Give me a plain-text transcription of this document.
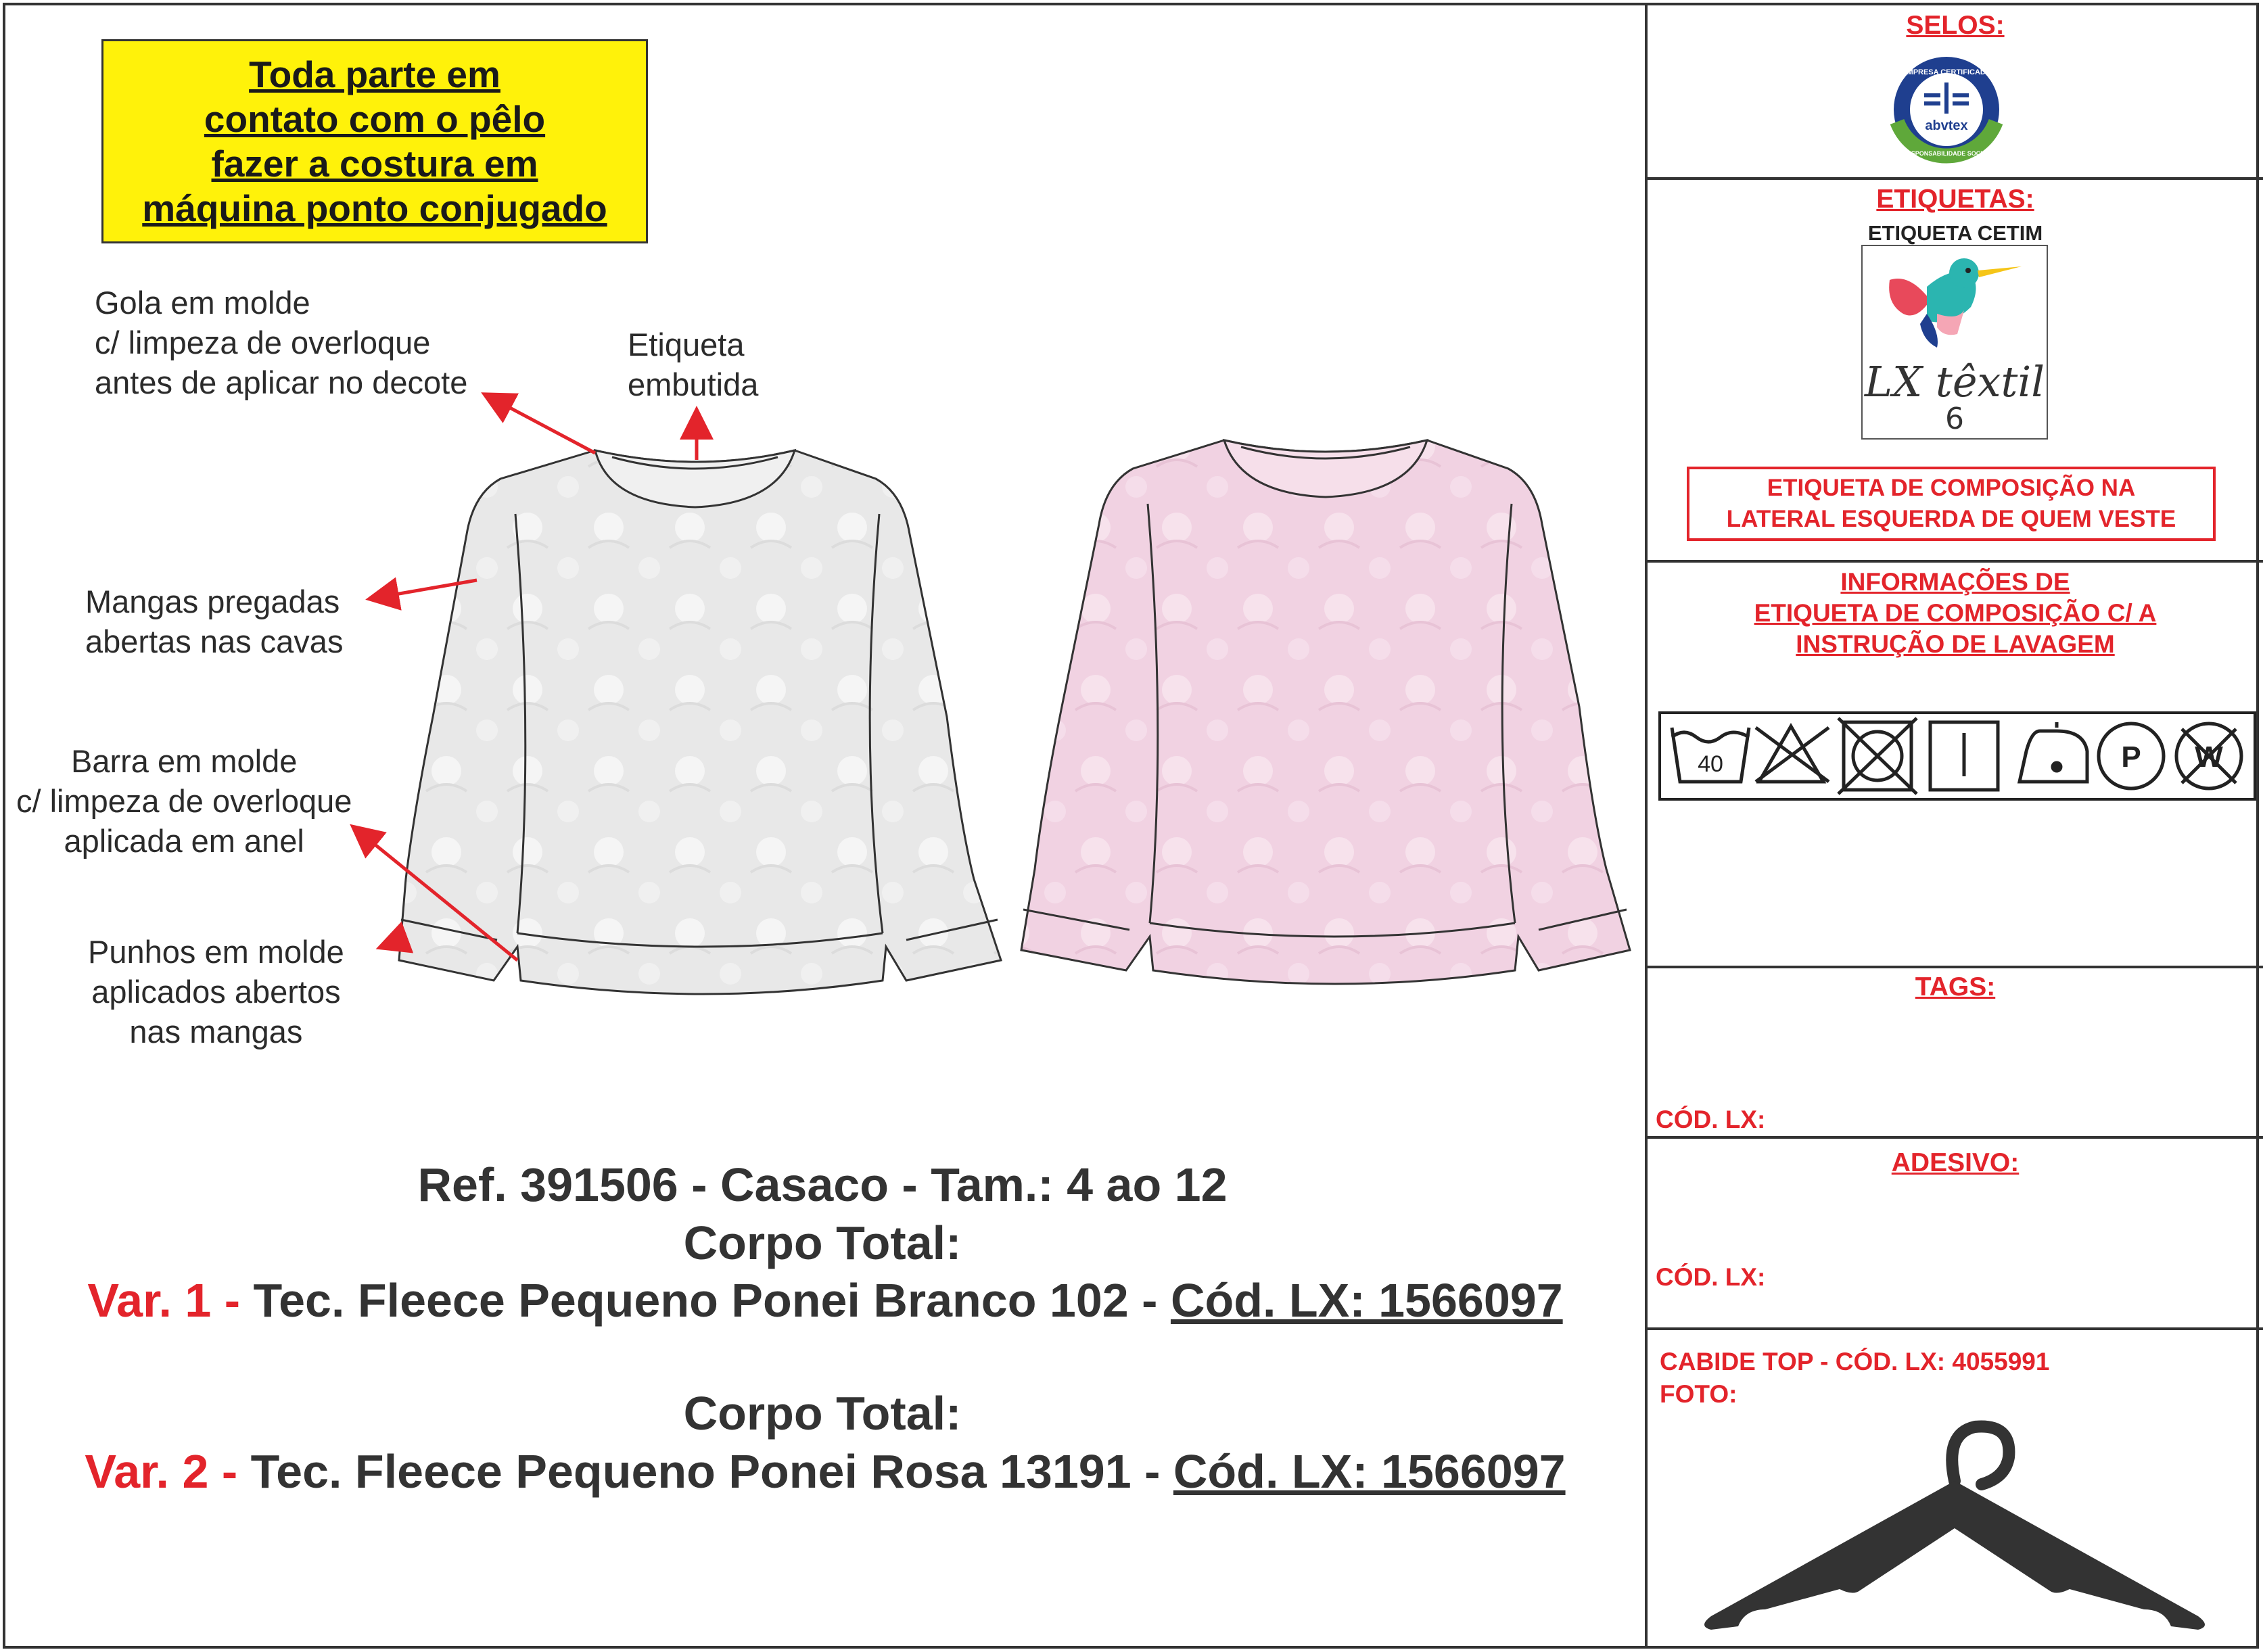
Toda parte em
contato com o pêlo
fazer a costura em
máquina ponto conjugado
Gola em molde
c/ limpeza de overloque
antes de aplicar no decote
Etiqueta
embutida
Mangas pregadas
abertas nas cavas
Barra em molde
c/ limpeza de overloque
aplicada em anel
Punhos em molde
aplicados abertos
nas mangas
Ref. 391506 - Casaco - Tam.: 4 ao 12
Corpo Total:
Var. 1 - Tec. Fleece Pequeno Ponei Branco 102 - Cód. LX: 1566097
Corpo Total:
Var. 2 - Tec. Fleece Pequeno Ponei Rosa 13191 - Cód. LX: 1566097
SELOS:
EMPRESA CERTIFICADA
RESPONSABILIDADE SOCIAL
abvtex
ETIQUETAS:
ETIQUETA CETIM
LX têxtil
6
ETIQUETA DE COMPOSIÇÃO NA
LATERAL ESQUERDA DE QUEM VESTE
INFORMAÇÕES DE
ETIQUETA DE COMPOSIÇÃO C/ A
INSTRUÇÃO DE LAVAGEM
40	P W
TAGS:
CÓD. LX:
ADESIVO:
CÓD. LX:
CABIDE TOP - CÓD. LX: 4055991
FOTO:
